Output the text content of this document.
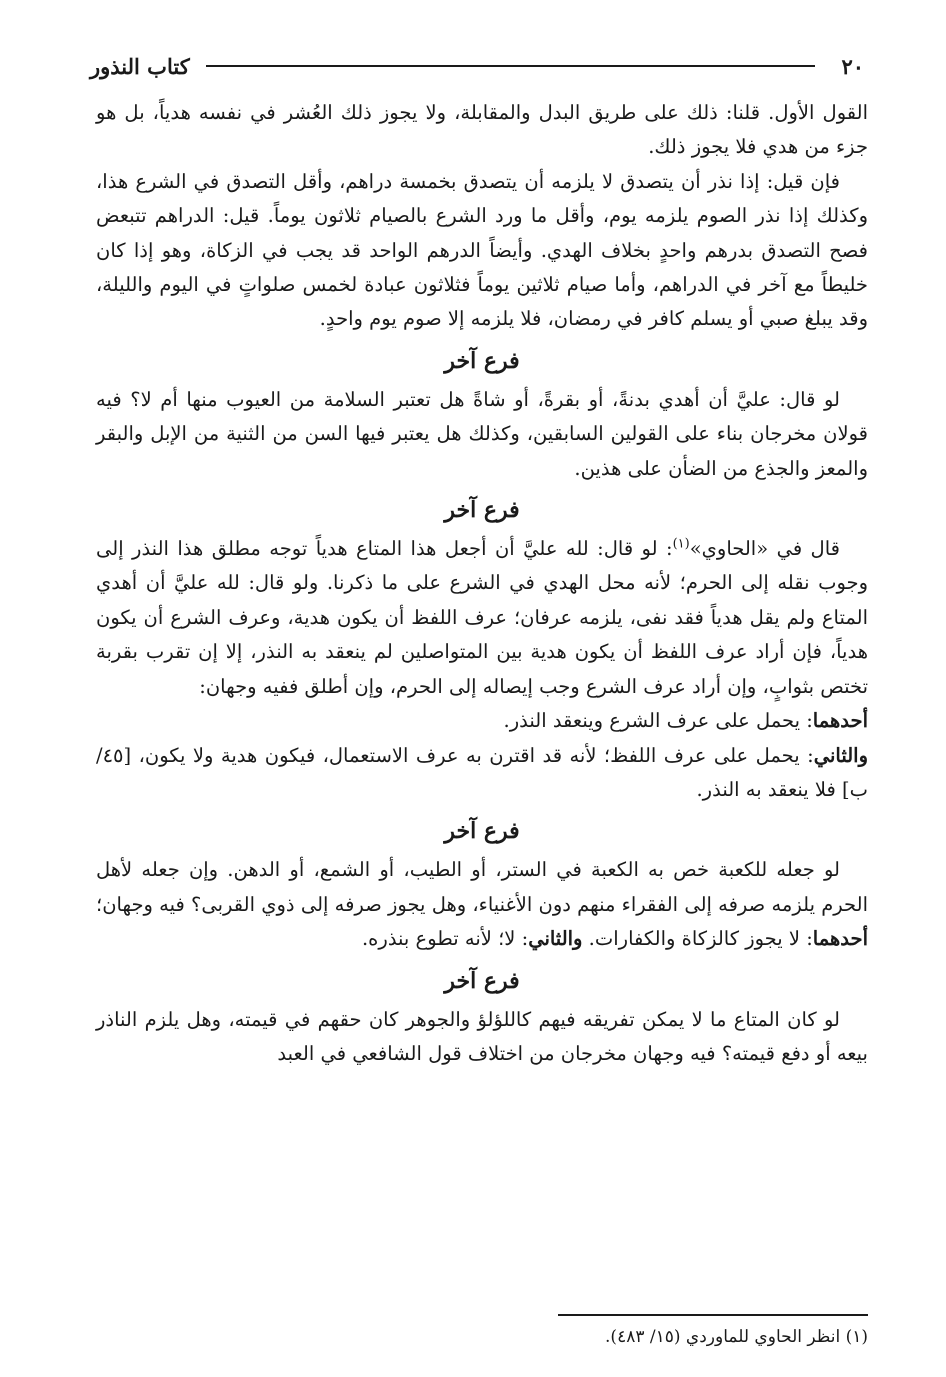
٢٠
كتاب النذور

القول الأول. قلنا: ذلك على طريق البدل والمقابلة، ولا يجوز ذلك العُشر في نفسه هدياً، بل هو جزء من هدي فلا يجوز ذلك.

فإن قيل: إذا نذر أن يتصدق لا يلزمه أن يتصدق بخمسة دراهم، وأقل التصدق في الشرع هذا، وكذلك إذا نذر الصوم يلزمه يوم، وأقل ما ورد الشرع بالصيام ثلاثون يوماً. قيل: الدراهم تتبعض فصح التصدق بدرهم واحدٍ بخلاف الهدي. وأيضاً الدرهم الواحد قد يجب في الزكاة، وهو إذا كان خليطاً مع آخر في الدراهم، وأما صيام ثلاثين يوماً فثلاثون عبادة لخمس صلواتٍ في اليوم والليلة، وقد يبلغ صبي أو يسلم كافر في رمضان، فلا يلزمه إلا صوم يوم واحدٍ.

فرع آخر

لو قال: عليَّ أن أهدي بدنةً، أو بقرةً، أو شاةً هل تعتبر السلامة من العيوب منها أم لا؟ فيه قولان مخرجان بناء على القولين السابقين، وكذلك هل يعتبر فيها السن من الثنية من الإبل والبقر والمعز والجذع من الضأن على هذين.

فرع آخر

قال في «الحاوي»$^{(١)}$: لو قال: لله عليَّ أن أجعل هذا المتاع هدياً توجه مطلق هذا النذر إلى وجوب نقله إلى الحرم؛ لأنه محل الهدي في الشرع على ما ذكرنا. ولو قال: لله عليَّ أن أهدي المتاع ولم يقل هدياً فقد نفى، يلزمه عرفان؛ عرف اللفظ أن يكون هدية، وعرف الشرع أن يكون هدياً، فإن أراد عرف اللفظ أن يكون هدية بين المتواصلين لم ينعقد به النذر، إلا إن تقرب بقربة تختص بثوابٍ، وإن أراد عرف الشرع وجب إيصاله إلى الحرم، وإن أطلق ففيه وجهان:

أحدهما: يحمل على عرف الشرع وينعقد النذر.

والثاني: يحمل على عرف اللفظ؛ لأنه قد اقترن به عرف الاستعمال، فيكون هدية ولا يكون، [٤٥/ب] فلا ينعقد به النذر.

فرع آخر

لو جعله للكعبة خص به الكعبة في الستر، أو الطيب، أو الشمع، أو الدهن. وإن جعله لأهل الحرم يلزمه صرفه إلى الفقراء منهم دون الأغنياء، وهل يجوز صرفه إلى ذوي القربى؟ فيه وجهان؛ أحدهما: لا يجوز كالزكاة والكفارات. والثاني: لا؛ لأنه تطوع بنذره.

فرع آخر

لو كان المتاع ما لا يمكن تفريقه فيهم كاللؤلؤ والجوهر كان حقهم في قيمته، وهل يلزم الناذر بيعه أو دفع قيمته؟ فيه وجهان مخرجان من اختلاف قول الشافعي في العبد

(١) انظر الحاوي للماوردي (١٥/ ٤٨٣).
